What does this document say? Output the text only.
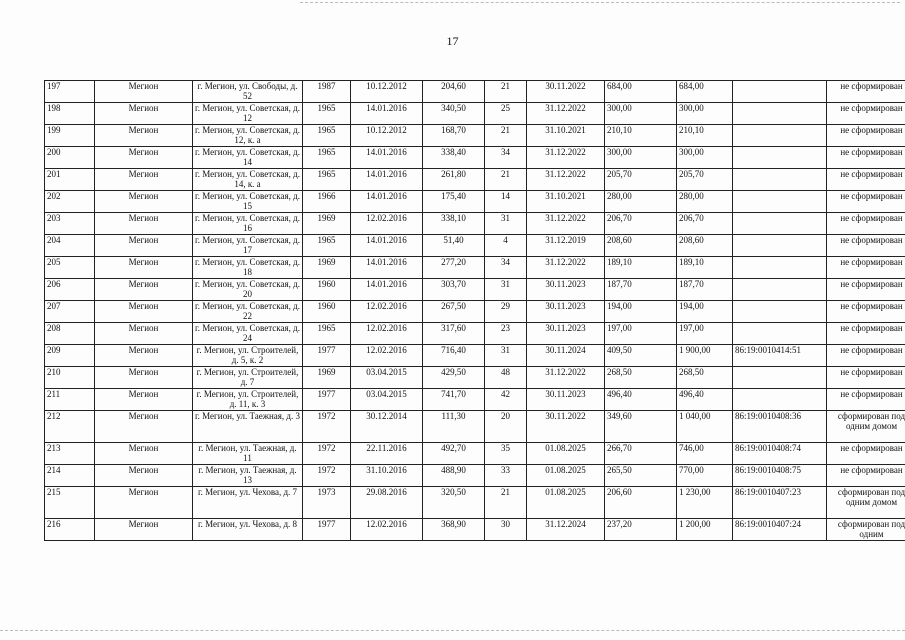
17
197	Мегион	г. Мегион, ул. Свободы, д. 52	1987	10.12.2012	204,60	21	30.11.2022	684,00	684,00		не сформирован
198	Мегион	г. Мегион, ул. Советская, д. 12	1965	14.01.2016	340,50	25	31.12.2022	300,00	300,00		не сформирован
199	Мегион	г. Мегион, ул. Советская, д. 12, к. а	1965	10.12.2012	168,70	21	31.10.2021	210,10	210,10		не сформирован
200	Мегион	г. Мегион, ул. Советская, д. 14	1965	14.01.2016	338,40	34	31.12.2022	300,00	300,00		не сформирован
201	Мегион	г. Мегион, ул. Советская, д. 14, к. а	1965	14.01.2016	261,80	21	31.12.2022	205,70	205,70		не сформирован
202	Мегион	г. Мегион, ул. Советская, д. 15	1966	14.01.2016	175,40	14	31.10.2021	280,00	280,00		не сформирован
203	Мегион	г. Мегион, ул. Советская, д. 16	1969	12.02.2016	338,10	31	31.12.2022	206,70	206,70		не сформирован
204	Мегион	г. Мегион, ул. Советская, д. 17	1965	14.01.2016	51,40	4	31.12.2019	208,60	208,60		не сформирован
205	Мегион	г. Мегион, ул. Советская, д. 18	1969	14.01.2016	277,20	34	31.12.2022	189,10	189,10		не сформирован
206	Мегион	г. Мегион, ул. Советская, д. 20	1960	14.01.2016	303,70	31	30.11.2023	187,70	187,70		не сформирован
207	Мегион	г. Мегион, ул. Советская, д. 22	1960	12.02.2016	267,50	29	30.11.2023	194,00	194,00		не сформирован
208	Мегион	г. Мегион, ул. Советская, д. 24	1965	12.02.2016	317,60	23	30.11.2023	197,00	197,00		не сформирован
209	Мегион	г. Мегион, ул. Строителей, д. 5, к. 2	1977	12.02.2016	716,40	31	30.11.2024	409,50	1 900,00	86:19:0010414:51	не сформирован
210	Мегион	г. Мегион, ул. Строителей, д. 7	1969	03.04.2015	429,50	48	31.12.2022	268,50	268,50		не сформирован
211	Мегион	г. Мегион, ул. Строителей, д. 11, к. 3	1977	03.04.2015	741,70	42	30.11.2023	496,40	496,40		не сформирован
212	Мегион	г. Мегион, ул. Таежная, д. 3	1972	30.12.2014	111,30	20	30.11.2022	349,60	1 040,00	86:19:0010408:36	сформирован под одним домом
213	Мегион	г. Мегион, ул. Таежная, д. 11	1972	22.11.2016	492,70	35	01.08.2025	266,70	746,00	86:19:0010408:74	не сформирован
214	Мегион	г. Мегион, ул. Таежная, д. 13	1972	31.10.2016	488,90	33	01.08.2025	265,50	770,00	86:19:0010408:75	не сформирован
215	Мегион	г. Мегион, ул. Чехова, д. 7	1973	29.08.2016	320,50	21	01.08.2025	206,60	1 230,00	86:19:0010407:23	сформирован под одним домом
216	Мегион	г. Мегион, ул. Чехова, д. 8	1977	12.02.2016	368,90	30	31.12.2024	237,20	1 200,00	86:19:0010407:24	сформирован под одним
